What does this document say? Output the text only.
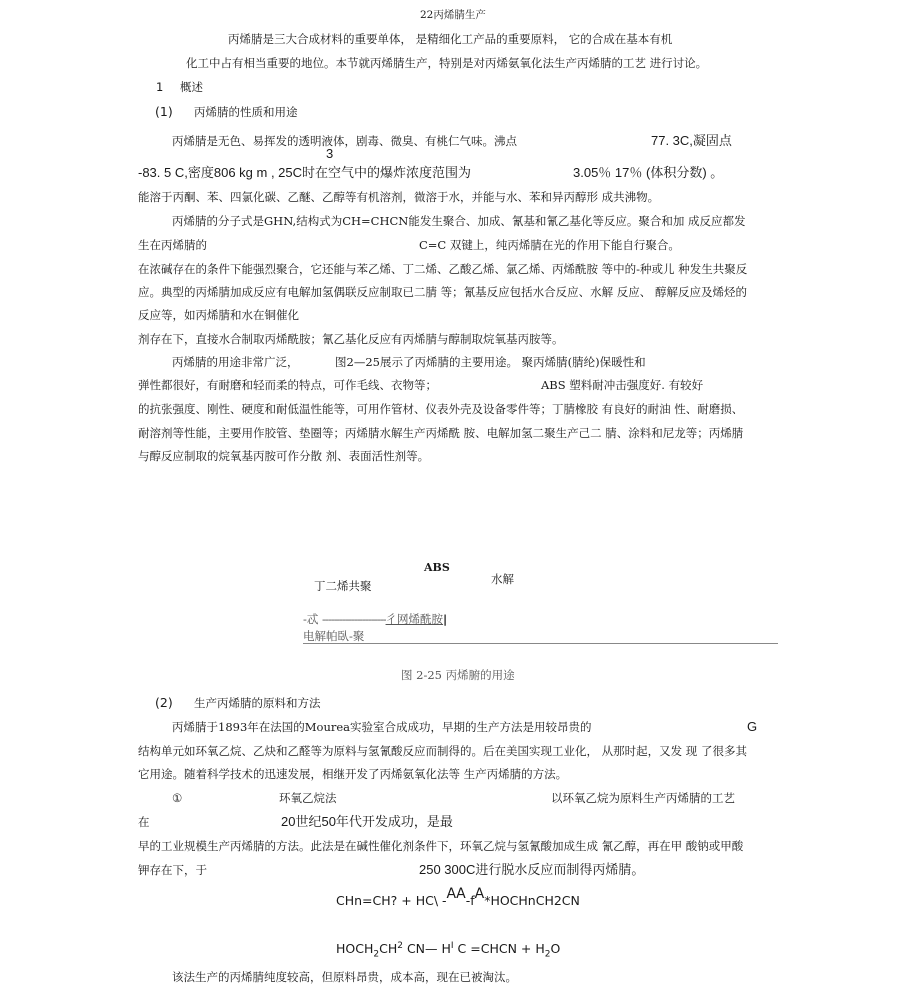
22丙烯腈生产
丙烯腈是三大合成材料的重要单体， 是精细化工产品的重要原料， 它的合成在基本有机
化工中占有相当重要的地位。本节就丙烯腈生产，特别是对丙烯氨氧化法生产丙烯腈的工艺 进行讨论。
1 概述
(1) 丙烯腈的性质和用途
丙烯腈是无色、易挥发的透明液体，剧毒、微臭、有桃仁气味。沸点	77. 3C,凝固点
3
-83. 5 C,密度806 kg m , 25C时在空气中的爆炸浓度范围为	3.05％ 17％ (体积分数) 。
能溶于丙酮、苯、四氯化碳、乙醚、乙醇等有机溶剂，微溶于水，并能与水、苯和异丙醇形 成共沸物。
丙烯腈的分子式是GHN,结构式为CH=CHCN能发生聚合、加成、氰基和氰乙基化等反应。聚合和加 成反应都发
生在丙烯腈的	C=C 双键上，纯丙烯腈在光的作用下能自行聚合。
在浓碱存在的条件下能强烈聚合，它还能与苯乙烯、丁二烯、乙酸乙烯、氯乙烯、丙烯酰胺 等中的-种或儿 种发生共聚反
应。典型的丙烯腈加成反应有电解加氢偶联反应制取已二腈 等；氰基反应包括水合反应、水解 反应、 醇解反应及烯烃的
反应等，如丙烯腈和水在铜催化
剂存在下，直接水合制取丙烯酰胺；氰乙基化反应有丙烯腈与醇制取烷氧基丙胺等。
丙烯腈的用途非常广泛，	图2—25展示了丙烯腈的主要用途。 聚丙烯腈(腈纶)保暖性和
弹性都很好，有耐磨和轻而柔的特点，可作毛线、衣物等；	ABS 塑料耐冲击强度好. 有较好
的抗张强度、刚性、硬度和耐低温性能等，可用作管材、仪表外壳及设备零件等；丁腈橡胶 有良好的耐油 性、耐磨损、
耐溶剂等性能，主要用作胶管、垫圈等；丙烯腈水解生产丙烯酰 胺、电解加氢二聚生产己二 腈、涂料和尼龙等；丙烯腈
与醇反应制取的烷氧基丙胺可作分散 剂、表面活性剂等。
ABS
水解
丁二烯共聚
-忒 ----------------------彳网烯酰胺|
电解帕臥-聚
图 2-25 丙烯腑的用途
(2) 生产丙烯腈的原料和方法
丙烯腈于1893年在法国的Mourea实验室合成成功，早期的生产方法是用较昂贵的	G
结构单元如环氧乙烷、乙炔和乙醛等为原料与氢氰酸反应而制得的。后在美国实现工业化， 从那时起，又发 现 了很多其
它用途。随着科学技术的迅速发展，相继开发了丙烯氨氧化法等 生产丙烯腈的方法。
①	环氧乙烷法	以环氧乙烷为原料生产丙烯腈的工艺
在	20世纪50年代开发成功，是最
早的工业规模生产丙烯腈的方法。此法是在碱性催化剂条件下，环氧乙烷与氢氰酸加成生成 氰乙醇，再在甲 酸钠或甲酸
钾存在下，于	250 300C进行脱水反应而制得丙烯腈。
CHn=CH? + HC\ -ΑΑ-fΑ*HOCHnCH2CN
$HOCH_2CH^2$ CN— $H^I$ C =CHCN + $H_2O$
该法生产的丙烯腈纯度较高，但原料昂贵，成本高，现在已被淘汰。
